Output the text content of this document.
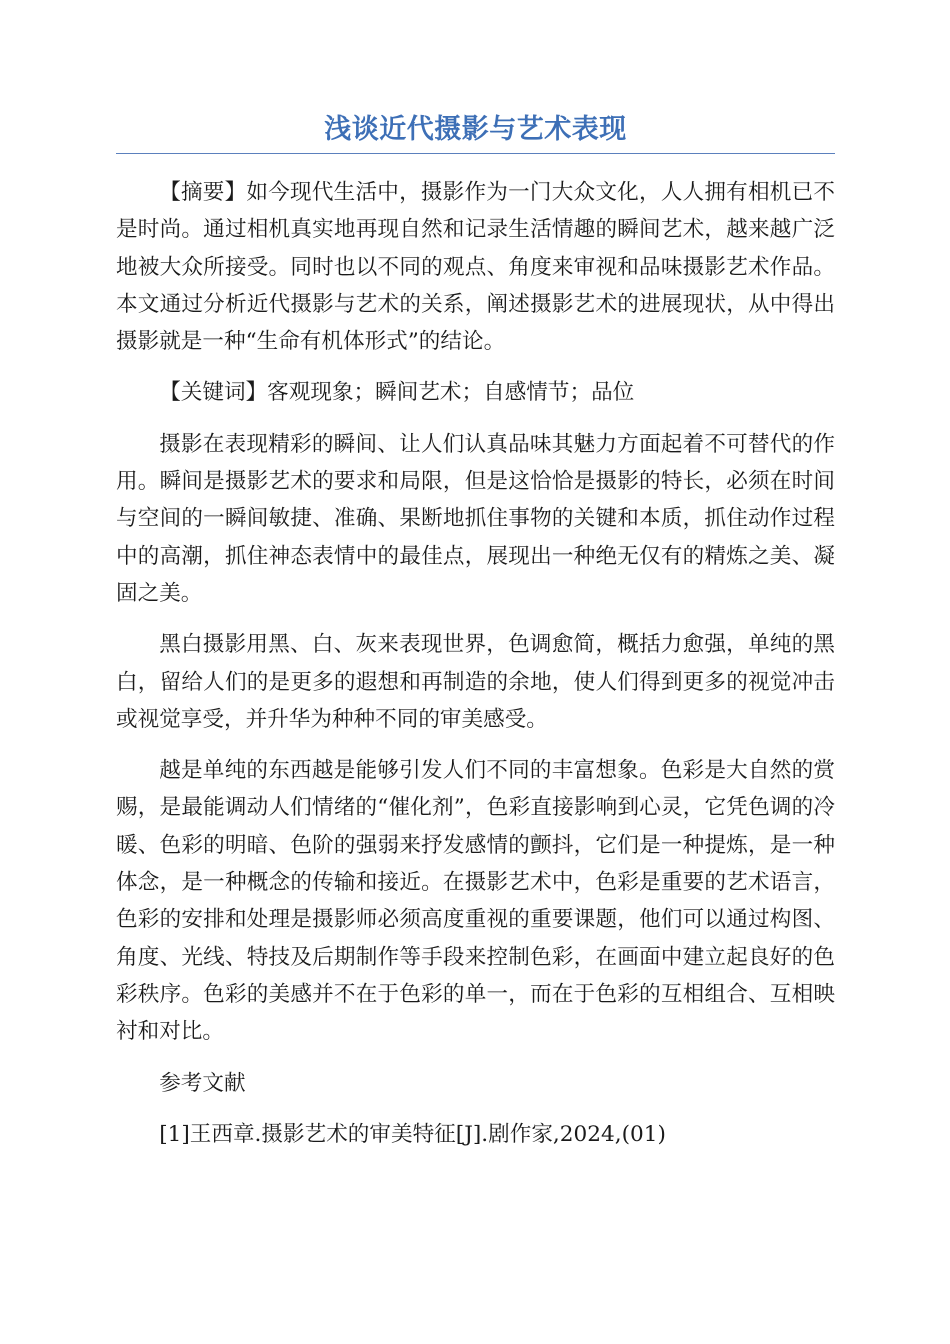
浅谈近代摄影与艺术表现

【摘要】如今现代生活中，摄影作为一门大众文化，人人拥有相机已不是时尚。通过相机真实地再现自然和记录生活情趣的瞬间艺术，越来越广泛地被大众所接受。同时也以不同的观点、角度来审视和品味摄影艺术作品。本文通过分析近代摄影与艺术的关系，阐述摄影艺术的进展现状，从中得出摄影就是一种“生命有机体形式”的结论。

【关键词】客观现象；瞬间艺术；自感情节；品位

摄影在表现精彩的瞬间、让人们认真品味其魅力方面起着不可替代的作用。瞬间是摄影艺术的要求和局限，但是这恰恰是摄影的特长，必须在时间与空间的一瞬间敏捷、准确、果断地抓住事物的关键和本质，抓住动作过程中的高潮，抓住神态表情中的最佳点，展现出一种绝无仅有的精炼之美、凝固之美。

黑白摄影用黑、白、灰来表现世界，色调愈简，概括力愈强，单纯的黑白，留给人们的是更多的遐想和再制造的余地，使人们得到更多的视觉冲击或视觉享受，并升华为种种不同的审美感受。

越是单纯的东西越是能够引发人们不同的丰富想象。色彩是大自然的赏赐，是最能调动人们情绪的“催化剂”，色彩直接影响到心灵，它凭色调的冷暖、色彩的明暗、色阶的强弱来抒发感情的颤抖，它们是一种提炼，是一种体念，是一种概念的传输和接近。在摄影艺术中，色彩是重要的艺术语言，色彩的安排和处理是摄影师必须高度重视的重要课题，他们可以通过构图、角度、光线、特技及后期制作等手段来控制色彩，在画面中建立起良好的色彩秩序。色彩的美感并不在于色彩的单一，而在于色彩的互相组合、互相映衬和对比。

参考文献

[1]王西章.摄影艺术的审美特征[J].剧作家,2024,(01)
